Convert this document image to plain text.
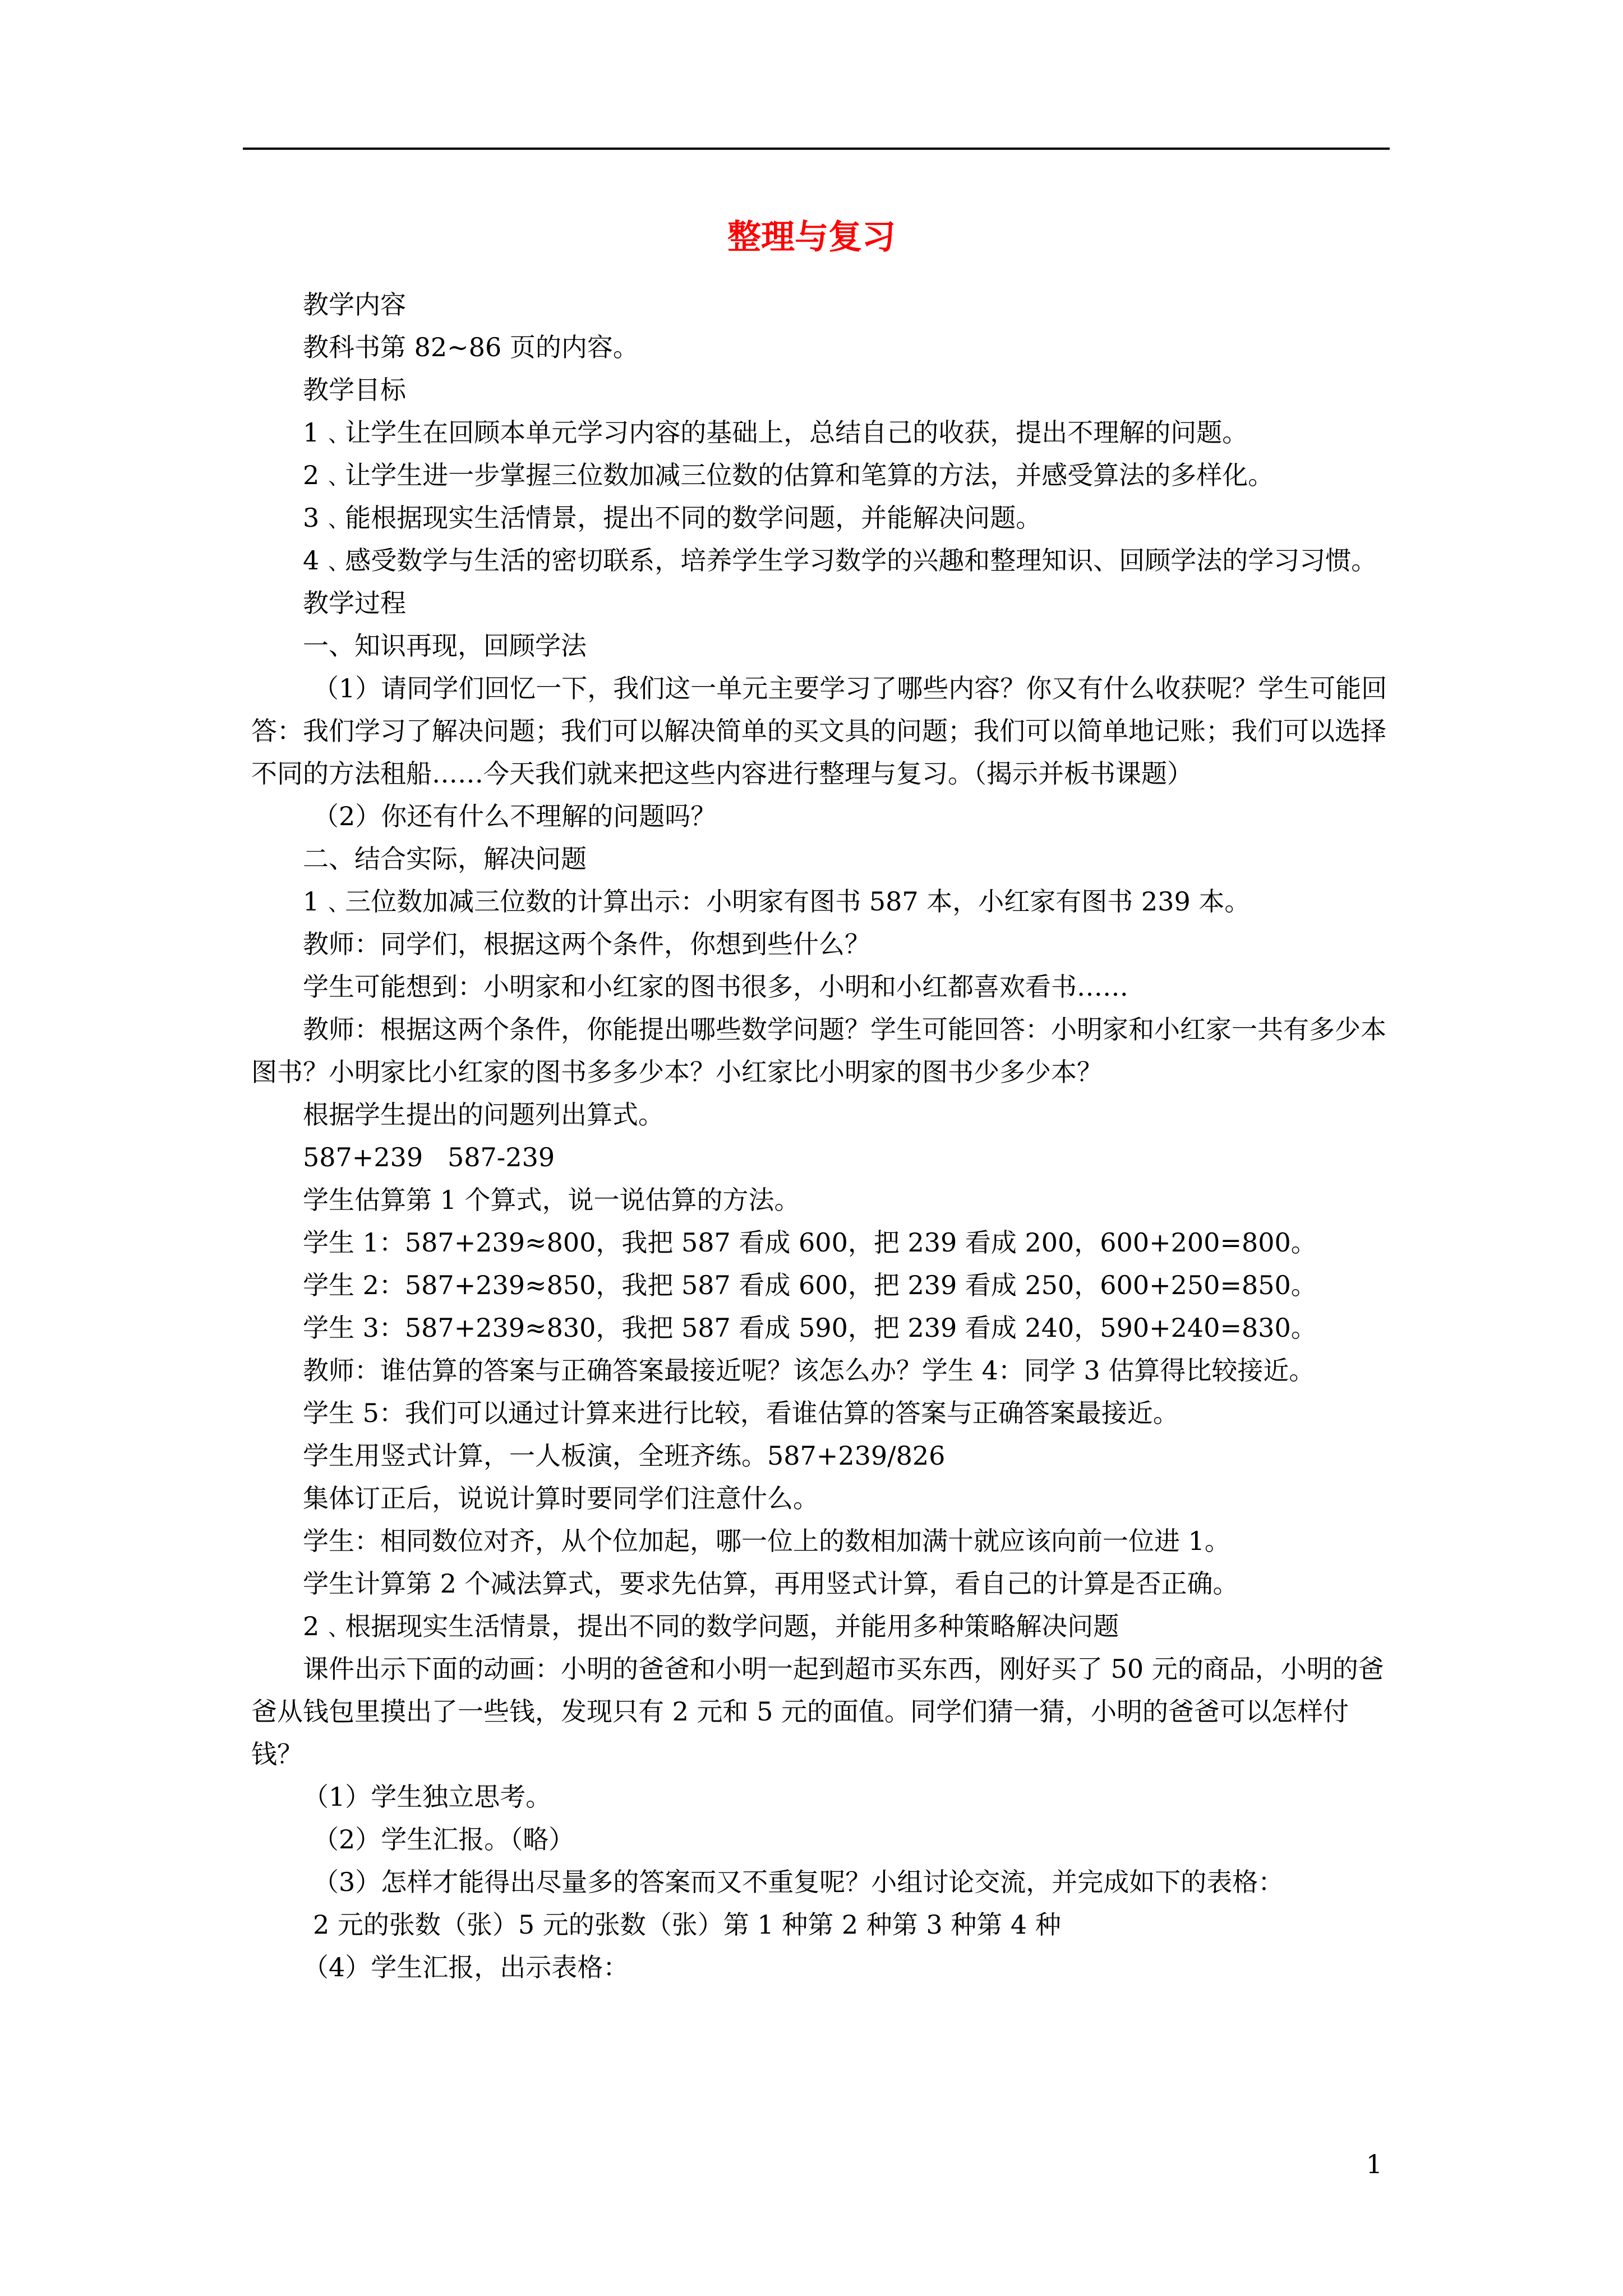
整理与复习

教学内容

教科书第 82~86 页的内容。

教学目标

1﹑让学生在回顾本单元学习内容的基础上，总结自己的收获，提出不理解的问题。

2﹑让学生进一步掌握三位数加减三位数的估算和笔算的方法，并感受算法的多样化。

3﹑能根据现实生活情景，提出不同的数学问题，并能解决问题。

4﹑感受数学与生活的密切联系，培养学生学习数学的兴趣和整理知识、回顾学法的学习习惯。

教学过程

一、知识再现，回顾学法

（1）请同学们回忆一下，我们这一单元主要学习了哪些内容？你又有什么收获呢？学生可能回答：我们学习了解决问题；我们可以解决简单的买文具的问题；我们可以简单地记账；我们可以选择不同的方法租船……今天我们就来把这些内容进行整理与复习。（揭示并板书课题）

（2）你还有什么不理解的问题吗？

二、结合实际，解决问题

1﹑三位数加减三位数的计算出示：小明家有图书 587 本，小红家有图书 239 本。

教师：同学们，根据这两个条件，你想到些什么？

学生可能想到：小明家和小红家的图书很多，小明和小红都喜欢看书……

教师：根据这两个条件，你能提出哪些数学问题？学生可能回答：小明家和小红家一共有多少本图书？小明家比小红家的图书多多少本？小红家比小明家的图书少多少本？

根据学生提出的问题列出算式。

587+239   587-239

学生估算第 1 个算式，说一说估算的方法。

学生 1：587+239≈800，我把 587 看成 600，把 239 看成 200，600+200=800。

学生 2：587+239≈850，我把 587 看成 600，把 239 看成 250，600+250=850。

学生 3：587+239≈830，我把 587 看成 590，把 239 看成 240，590+240=830。

教师：谁估算的答案与正确答案最接近呢？该怎么办？学生 4：同学 3 估算得比较接近。

学生 5：我们可以通过计算来进行比较，看谁估算的答案与正确答案最接近。

学生用竖式计算，一人板演，全班齐练。587+239/826

集体订正后，说说计算时要同学们注意什么。

学生：相同数位对齐，从个位加起，哪一位上的数相加满十就应该向前一位进 1。

学生计算第 2 个减法算式，要求先估算，再用竖式计算，看自己的计算是否正确。

2﹑根据现实生活情景，提出不同的数学问题，并能用多种策略解决问题

课件出示下面的动画：小明的爸爸和小明一起到超市买东西，刚好买了 50 元的商品，小明的爸爸从钱包里摸出了一些钱，发现只有 2 元和 5 元的面值。同学们猜一猜，小明的爸爸可以怎样付钱？

（1）学生独立思考。

（2）学生汇报。（略）

（3）怎样才能得出尽量多的答案而又不重复呢？小组讨论交流，并完成如下的表格：

2 元的张数（张）5 元的张数（张）第 1 种第 2 种第 3 种第 4 种

（4）学生汇报，出示表格：

1
